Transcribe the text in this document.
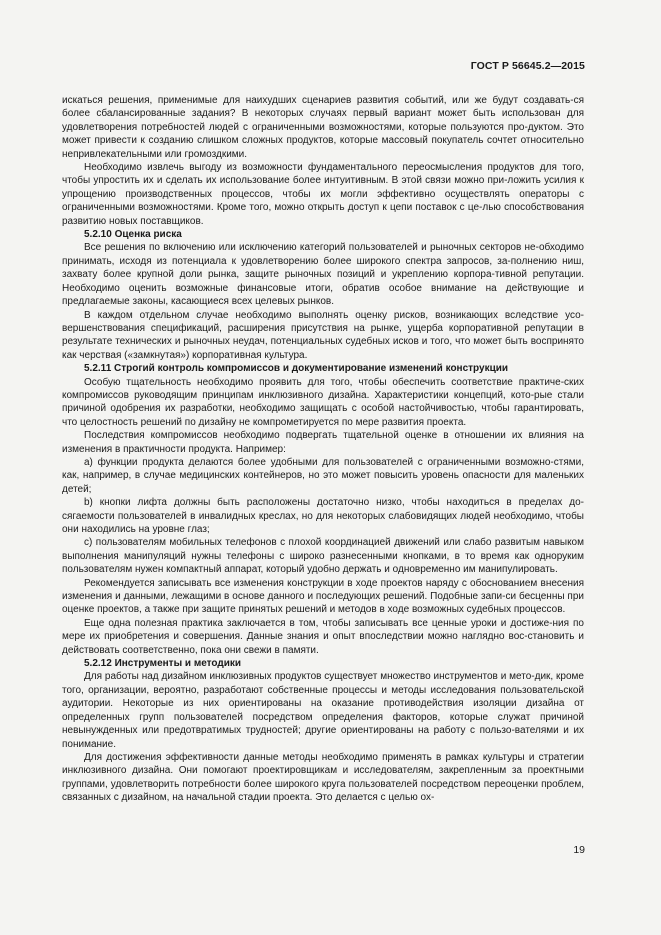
ГОСТ Р 56645.2—2015

искаться решения, применимые для наихудших сценариев развития событий, или же будут создавать-ся более сбалансированные задания? В некоторых случаях первый вариант может быть использован для удовлетворения потребностей людей с ограниченными возможностями, которые пользуются про-дуктом. Это может привести к созданию слишком сложных продуктов, которые массовый покупатель сочтет относительно непривлекательными или громоздкими.

Необходимо извлечь выгоду из возможности фундаментального переосмысления продуктов для того, чтобы упростить их и сделать их использование более интуитивным. В этой связи можно при-ложить усилия к упрощению производственных процессов, чтобы их могли эффективно осуществлять операторы с ограниченными возможностями. Кроме того, можно открыть доступ к цепи поставок с це-лью способствования развитию новых поставщиков.

5.2.10 Оценка риска

Все решения по включению или исключению категорий пользователей и рыночных секторов не-обходимо принимать, исходя из потенциала к удовлетворению более широкого спектра запросов, за-полнению ниш, захвату более крупной доли рынка, защите рыночных позиций и укреплению корпора-тивной репутации. Необходимо оценить возможные финансовые итоги, обратив особое внимание на действующие и предлагаемые законы, касающиеся всех целевых рынков.

В каждом отдельном случае необходимо выполнять оценку рисков, возникающих вследствие усо-вершенствования спецификаций, расширения присутствия на рынке, ущерба корпоративной репутации в результате технических и рыночных неудач, потенциальных судебных исков и того, что может быть воспринято как черствая («замкнутая») корпоративная культура.

5.2.11 Строгий контроль компромиссов и документирование изменений конструкции

Особую тщательность необходимо проявить для того, чтобы обеспечить соответствие практиче-ских компромиссов руководящим принципам инклюзивного дизайна. Характеристики концепций, кото-рые стали причиной одобрения их разработки, необходимо защищать с особой настойчивостью, чтобы гарантировать, что целостность решений по дизайну не компрометируется по мере развития проекта.

Последствия компромиссов необходимо подвергать тщательной оценке в отношении их влияния на изменения в практичности продукта. Например:

а) функции продукта делаются более удобными для пользователей с ограниченными возможно-стями, как, например, в случае медицинских контейнеров, но это может повысить уровень опасности для маленьких детей;

b) кнопки лифта должны быть расположены достаточно низко, чтобы находиться в пределах до-сягаемости пользователей в инвалидных креслах, но для некоторых слабовидящих людей необходимо, чтобы они находились на уровне глаз;

с) пользователям мобильных телефонов с плохой координацией движений или слабо развитым навыком выполнения манипуляций нужны телефоны с широко разнесенными кнопками, в то время как одноруким пользователям нужен компактный аппарат, который удобно держать и одновременно им манипулировать.

Рекомендуется записывать все изменения конструкции в ходе проектов наряду с обоснованием внесения изменения и данными, лежащими в основе данного и последующих решений. Подобные запи-си бесценны при оценке проектов, а также при защите принятых решений и методов в ходе возможных судебных процессов.

Еще одна полезная практика заключается в том, чтобы записывать все ценные уроки и достиже-ния по мере их приобретения и совершения. Данные знания и опыт впоследствии можно наглядно вос-становить и действовать соответственно, пока они свежи в памяти.

5.2.12 Инструменты и методики

Для работы над дизайном инклюзивных продуктов существует множество инструментов и мето-дик, кроме того, организации, вероятно, разработают собственные процессы и методы исследования пользовательской аудитории. Некоторые из них ориентированы на оказание противодействия изоляции дизайна от определенных групп пользователей посредством определения факторов, которые служат причиной невынужденных или предотвратимых трудностей; другие ориентированы на работу с пользо-вателями и их понимание.

Для достижения эффективности данные методы необходимо применять в рамках культуры и стратегии инклюзивного дизайна. Они помогают проектировщикам и исследователям, закрепленным за проектными группами, удовлетворить потребности более широкого круга пользователей посредством переоценки проблем, связанных с дизайном, на начальной стадии проекта. Это делается с целью ох-

19
